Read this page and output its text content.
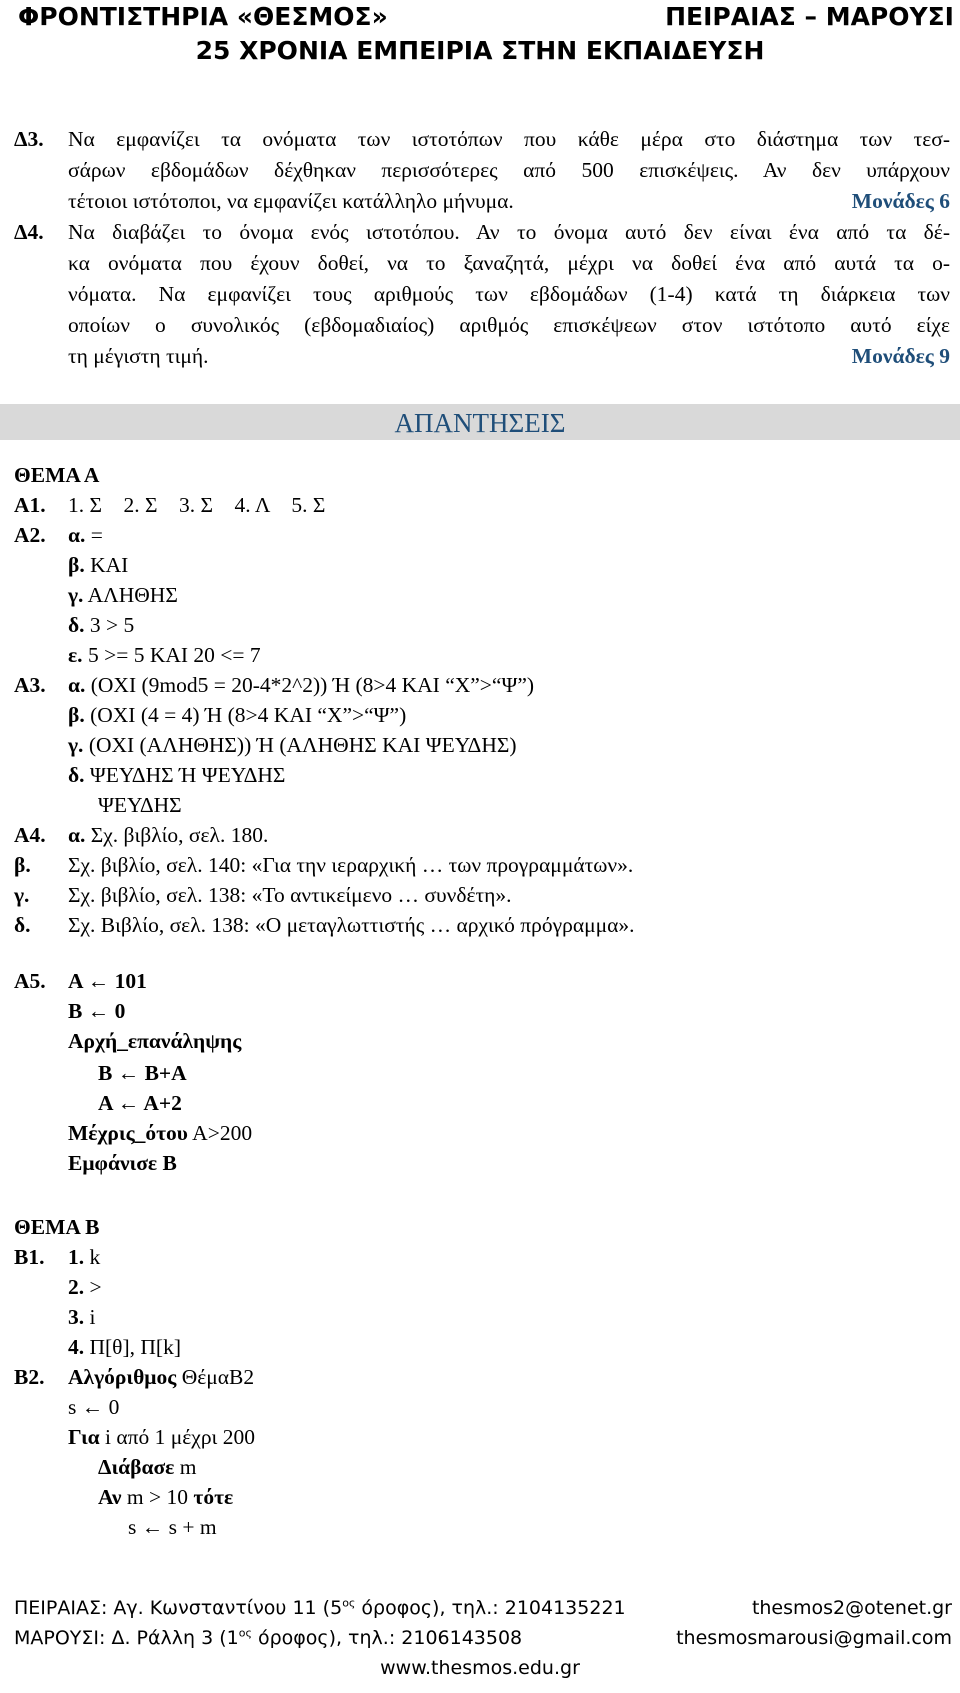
ΦΡΟΝΤΙΣΤΗΡΙΑ «ΘΕΣΜΟΣ»	ΠΕΙΡΑΙΑΣ – ΜΑΡΟΥΣΙ
25 ΧΡΟΝΙΑ ΕΜΠΕΙΡΙΑ ΣΤΗΝ ΕΚΠΑΙΔΕΥΣΗ
Δ3. Να εμφανίζει τα ονόματα των ιστοτόπων που κάθε μέρα στο διάστημα των τεσ-
σάρων εβδομάδων δέχθηκαν περισσότερες από 500 επισκέψεις. Αν δεν υπάρχουν
τέτοιοι ιστότοποι, να εμφανίζει κατάλληλο μήνυμα.	Μονάδες 6
Δ4. Να διαβάζει το όνομα ενός ιστοτόπου. Αν το όνομα αυτό δεν είναι ένα από τα δέ-
κα ονόματα που έχουν δοθεί, να το ξαναζητά, μέχρι να δοθεί ένα από αυτά τα ο-
νόματα. Να εμφανίζει τους αριθμούς των εβδομάδων (1-4) κατά τη διάρκεια των
οποίων ο συνολικός (εβδομαδιαίος) αριθμός επισκέψεων στον ιστότοπο αυτό είχε
τη μέγιστη τιμή.	Μονάδες 9
ΘΕΜΑ Α
Α1. 1. Σ    2. Σ    3. Σ    4. Λ    5. Σ
Α2. α. =
β. ΚΑΙ
γ. ΑΛΗΘΗΣ
δ. 3 > 5
ε. 5 >= 5 ΚΑΙ 20 <= 7
Α3. α. (ΟΧΙ (9mod5 = 20-4*2^2)) Ή (8>4 ΚΑΙ “Χ”>“Ψ”)
β. (ΟΧΙ (4 = 4) Ή (8>4 ΚΑΙ “Χ”>“Ψ”)
γ. (ΟΧΙ (ΑΛΗΘΗΣ)) Ή (ΑΛΗΘΗΣ ΚΑΙ ΨΕΥΔΗΣ)
δ. ΨΕΥΔΗΣ Ή ΨΕΥΔΗΣ
ΨΕΥΔΗΣ
Α4. α. Σχ. βιβλίο, σελ. 180.
β. Σχ. βιβλίο, σελ. 140: «Για την ιεραρχική … των προγραμμάτων».
γ. Σχ. βιβλίο, σελ. 138: «Το αντικείμενο … συνδέτη».
δ. Σχ. Βιβλίο, σελ. 138: «Ο μεταγλωττιστής … αρχικό πρόγραμμα».
Α5. Α ← 101
Β ← 0
Αρχή_επανάληψης
Β ← Β+Α
Α ← Α+2
Μέχρις_ότου Α>200
Εμφάνισε Β
ΘΕΜΑ Β
Β1. 1. k
2. >
3. i
4. Π[θ], Π[k]
Β2. Αλγόριθμος ΘέμαΒ2
s ← 0
Για i από 1 μέχρι 200
Διάβασε m
Αν m > 10 τότε
s ← s + m
ΑΠΑΝΤΗΣΕΙΣ
ΠΕΙΡΑΙΑΣ: Αγ. Κωνσταντίνου 11 ($5^{o\varsigma}$ όροφος), τηλ.: 2104135221	thesmos2@otenet.gr
ΜΑΡΟΥΣΙ: Δ. Ράλλη 3 ($1^{o\varsigma}$ όροφος), τηλ.: 2106143508	thesmosmarousi@gmail.com
www.thesmos.edu.gr
